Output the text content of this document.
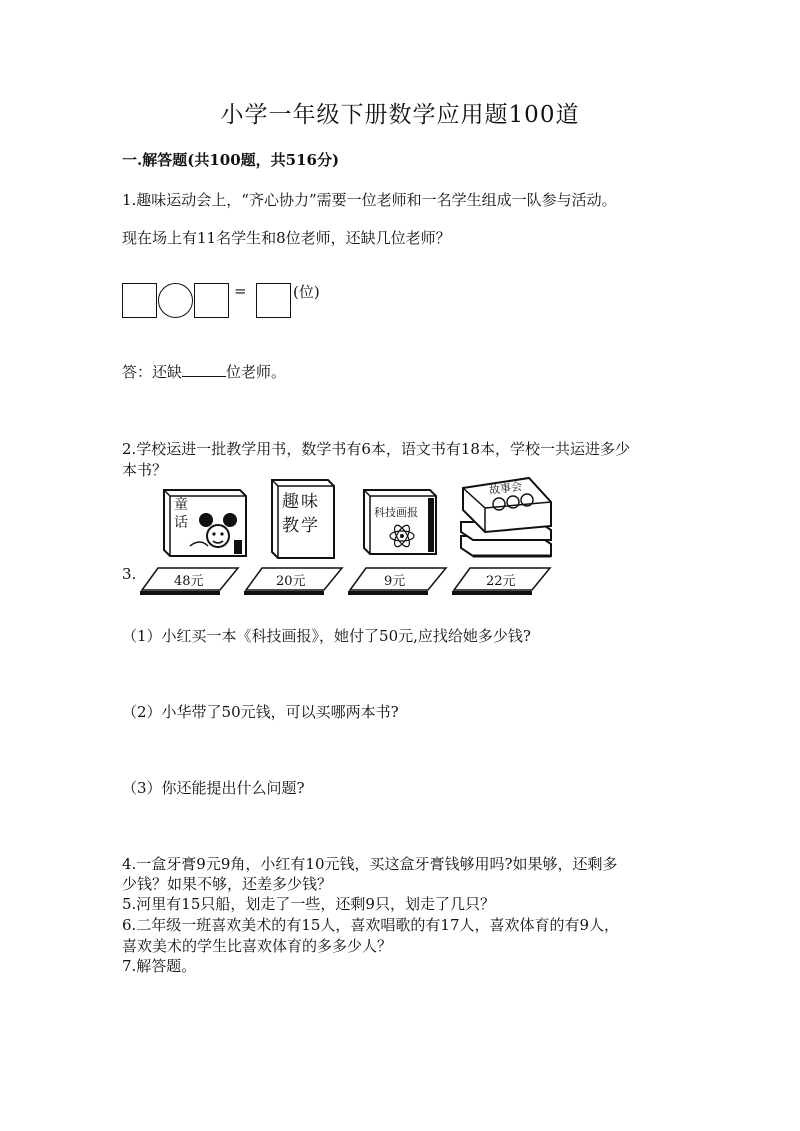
小学一年级下册数学应用题100道
一.解答题(共100题，共516分)
1.趣味运动会上，“齐心协力”需要一位老师和一名学生组成一队参与活动。
现在场上有11名学生和8位老师，还缺几位老师？
=	(位)
答：还缺	位老师。
2.学校运进一批教学用书，数学书有6本，语文书有18本，学校一共运进多少
本书？
3.
童话
趣味教学
科技画报
故事会
48元	20元	9元	22元
（1）小红买一本《科技画报》，她付了50元,应找给她多少钱?
（2）小华带了50元钱，可以买哪两本书?
（3）你还能提出什么问题?
4.一盒牙膏9元9角，小红有10元钱，买这盒牙膏钱够用吗?如果够，还剩多
少钱？如果不够，还差多少钱？
5.河里有15只船，划走了一些，还剩9只，划走了几只？
6.二年级一班喜欢美术的有15人，喜欢唱歌的有17人，喜欢体育的有9人，
喜欢美术的学生比喜欢体育的多多少人？
7.解答题。
